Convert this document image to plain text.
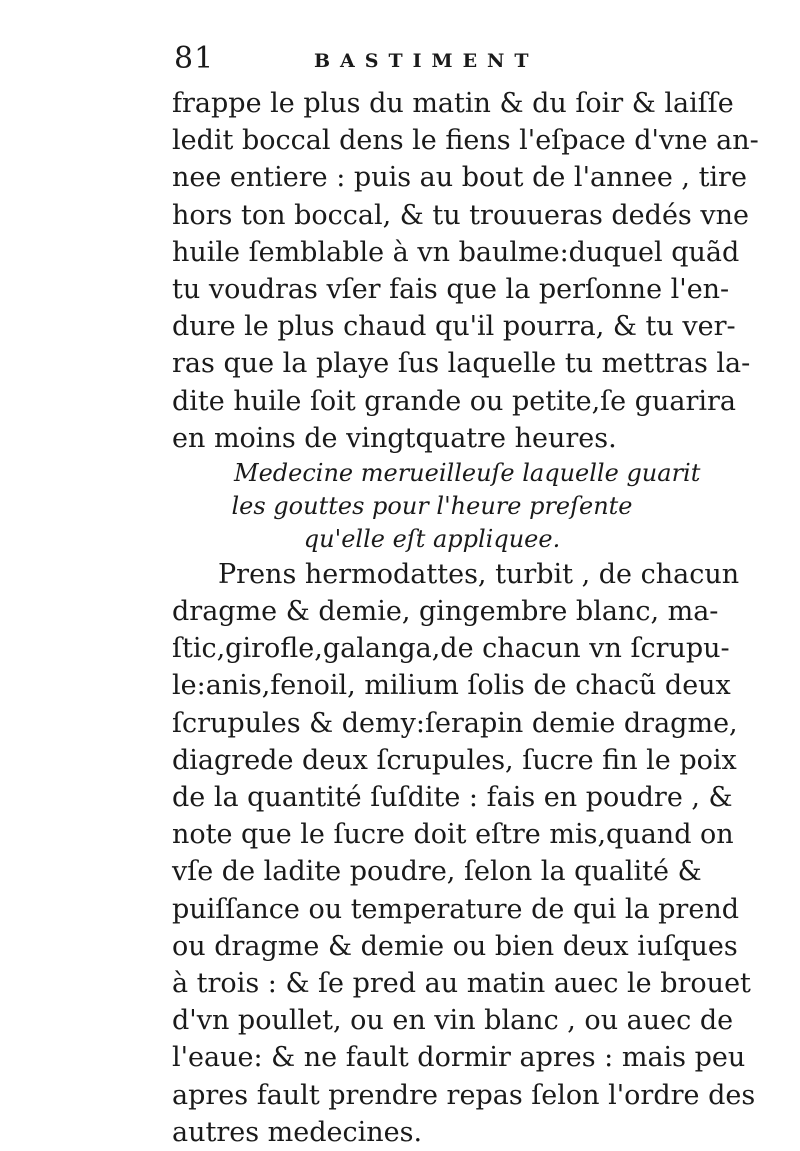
81	BASTIMENT
frappe le plus du matin & du ſoir & laiſſe
ledit boccal dens le fiens l'eſpace d'vne an-
nee entiere : puis au bout de l'annee , tire
hors ton boccal, & tu trouueras dedés vne
huile ſemblable à vn baulme:duquel quãd
tu voudras vſer fais que la perſonne l'en-
dure le plus chaud qu'il pourra, & tu ver-
ras que la playe ſus laquelle tu mettras la-
dite huile ſoit grande ou petite,ſe guarira
en moins de vingtquatre heures.
Medecine merueilleuſe laquelle guarit
les gouttes pour l'heure preſente
qu'elle eſt appliquee.
Prens hermodattes, turbit , de chacun
dragme & demie, gingembre blanc, ma-
ſtic,girofle,galanga,de chacun vn ſcrupu-
le:anis,fenoil, milium ſolis de chacũ deux
ſcrupules & demy:ſerapin demie dragme,
diagrede deux ſcrupules, ſucre fin le poix
de la quantité ſuſdite : fais en poudre , &
note que le ſucre doit eſtre mis,quand on
vſe de ladite poudre, ſelon la qualité &
puiſſance ou temperature de qui la prend
ou dragme & demie ou bien deux iuſques
à trois : & ſe pred au matin auec le brouet
d'vn poullet, ou en vin blanc , ou auec de
l'eaue: & ne fault dormir apres : mais peu
apres fault prendre repas ſelon l'ordre des
autres medecines.
